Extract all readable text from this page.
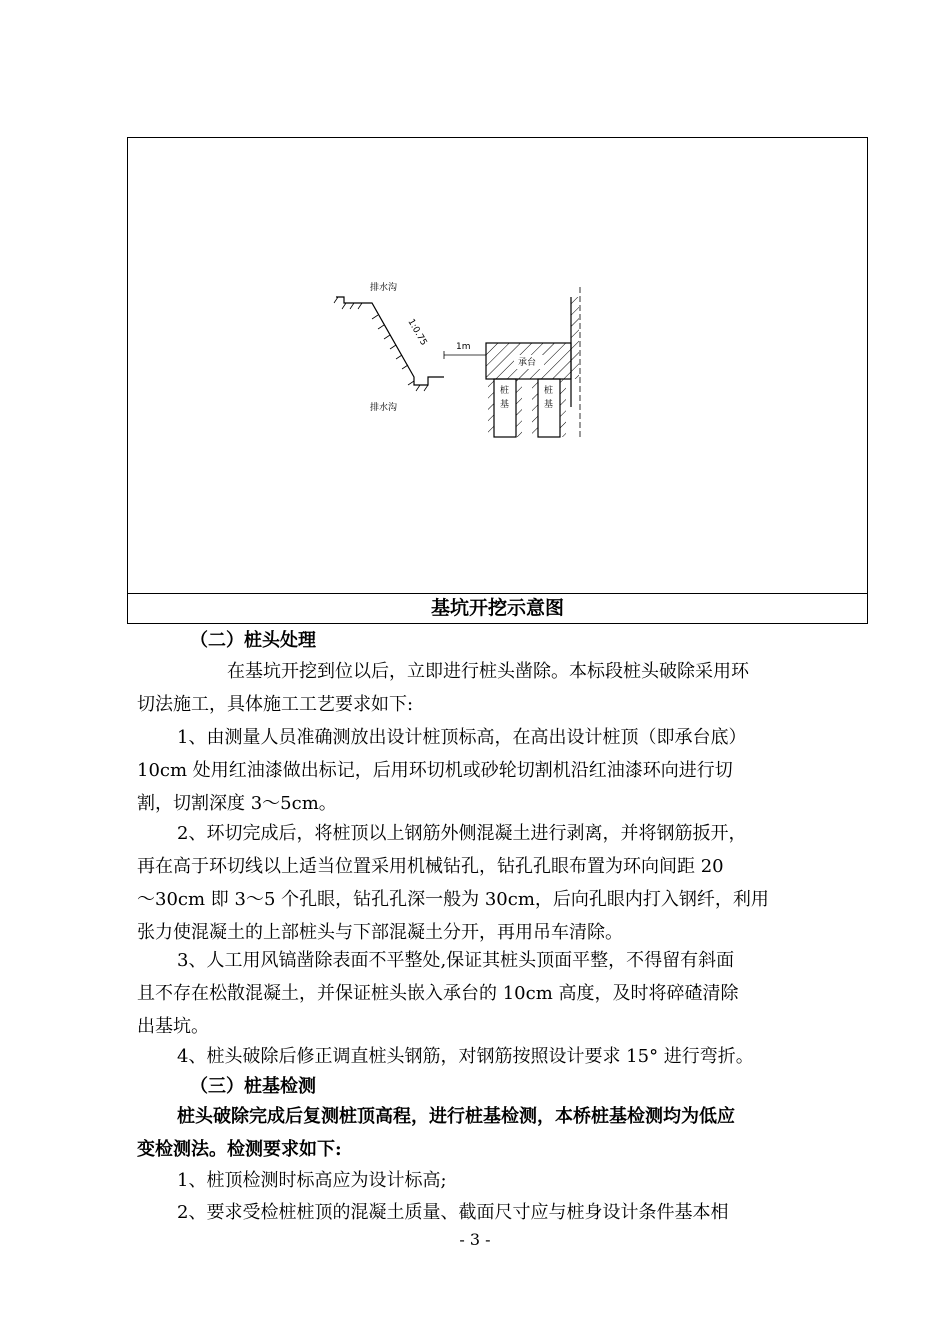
排水沟
排水沟
1:0.75	1m
承台
桩
基
桩
基
基坑开挖示意图
（二）桩头处理
在基坑开挖到位以后，立即进行桩头凿除。本标段桩头破除采用环
切法施工，具体施工工艺要求如下:
1、由测量人员准确测放出设计桩顶标高，在高出设计桩顶（即承台底）
10cm 处用红油漆做出标记，后用环切机或砂轮切割机沿红油漆环向进行切
割，切割深度 3～5cm。
2、环切完成后，将桩顶以上钢筋外侧混凝土进行剥离，并将钢筋扳开，
再在高于环切线以上适当位置采用机械钻孔，钻孔孔眼布置为环向间距 20
～30cm 即 3～5 个孔眼，钻孔孔深一般为 30cm，后向孔眼内打入钢纤，利用
张力使混凝土的上部桩头与下部混凝土分开，再用吊车清除。
3、人工用风镐凿除表面不平整处,保证其桩头顶面平整，不得留有斜面
且不存在松散混凝土，并保证桩头嵌入承台的 10cm 高度，及时将碎碴清除
出基坑。
4、桩头破除后修正调直桩头钢筋，对钢筋按照设计要求 15° 进行弯折。
（三）桩基检测
桩头破除完成后复测桩顶高程，进行桩基检测，本桥桩基检测均为低应
变检测法。检测要求如下:
1、桩顶检测时标高应为设计标高;
2、要求受检桩桩顶的混凝土质量、截面尺寸应与桩身设计条件基本相
- 3 -
